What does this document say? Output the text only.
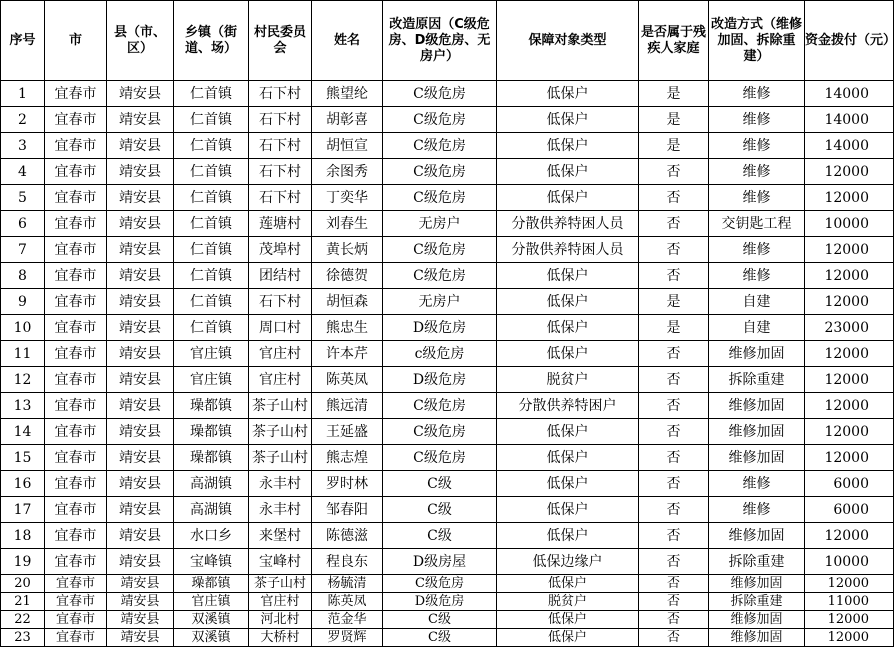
序号	市	县（市、区）	乡镇（街道、场）	村民委员会	姓名	改造原因（C级危房、D级危房、无房户）	保障对象类型	是否属于残疾人家庭	改造方式（维修加固、拆除重建）	资金拨付（元）
1	宜春市	靖安县	仁首镇	石下村	熊望纶	C级危房	低保户	是	维修	14000
2	宜春市	靖安县	仁首镇	石下村	胡彰喜	C级危房	低保户	是	维修	14000
3	宜春市	靖安县	仁首镇	石下村	胡恒宣	C级危房	低保户	是	维修	14000
4	宜春市	靖安县	仁首镇	石下村	余图秀	C级危房	低保户	否	维修	12000
5	宜春市	靖安县	仁首镇	石下村	丁奕华	C级危房	低保户	否	维修	12000
6	宜春市	靖安县	仁首镇	莲塘村	刘春生	无房户	分散供养特困人员	否	交钥匙工程	10000
7	宜春市	靖安县	仁首镇	茂埠村	黄长炳	C级危房	分散供养特困人员	否	维修	12000
8	宜春市	靖安县	仁首镇	团结村	徐德贺	C级危房	低保户	否	维修	12000
9	宜春市	靖安县	仁首镇	石下村	胡恒森	无房户	低保户	是	自建	12000
10	宜春市	靖安县	仁首镇	周口村	熊忠生	D级危房	低保户	是	自建	23000
11	宜春市	靖安县	官庄镇	官庄村	许本芹	c级危房	低保户	否	维修加固	12000
12	宜春市	靖安县	官庄镇	官庄村	陈英凤	D级危房	脱贫户	否	拆除重建	12000
13	宜春市	靖安县	璪都镇	茶子山村	熊远清	C级危房	分散供养特困户	否	维修加固	12000
14	宜春市	靖安县	璪都镇	茶子山村	王延盛	C级危房	低保户	否	维修加固	12000
15	宜春市	靖安县	璪都镇	茶子山村	熊志煌	C级危房	低保户	否	维修加固	12000
16	宜春市	靖安县	高湖镇	永丰村	罗时林	C级	低保户	否	维修	6000
17	宜春市	靖安县	高湖镇	永丰村	邹春阳	C级	低保户	否	维修	6000
18	宜春市	靖安县	水口乡	来堡村	陈德滋	C级	低保户	否	维修加固	12000
19	宜春市	靖安县	宝峰镇	宝峰村	程良东	D级房屋	低保边缘户	否	拆除重建	10000
20	宜春市	靖安县	璪都镇	茶子山村	杨毓清	C级危房	低保户	否	维修加固	12000
21	宜春市	靖安县	官庄镇	官庄村	陈英凤	D级危房	脱贫户	否	拆除重建	11000
22	宜春市	靖安县	双溪镇	河北村	范金华	C级	低保户	否	维修加固	12000
23	宜春市	靖安县	双溪镇	大桥村	罗贤辉	C级	低保户	否	维修加固	12000
